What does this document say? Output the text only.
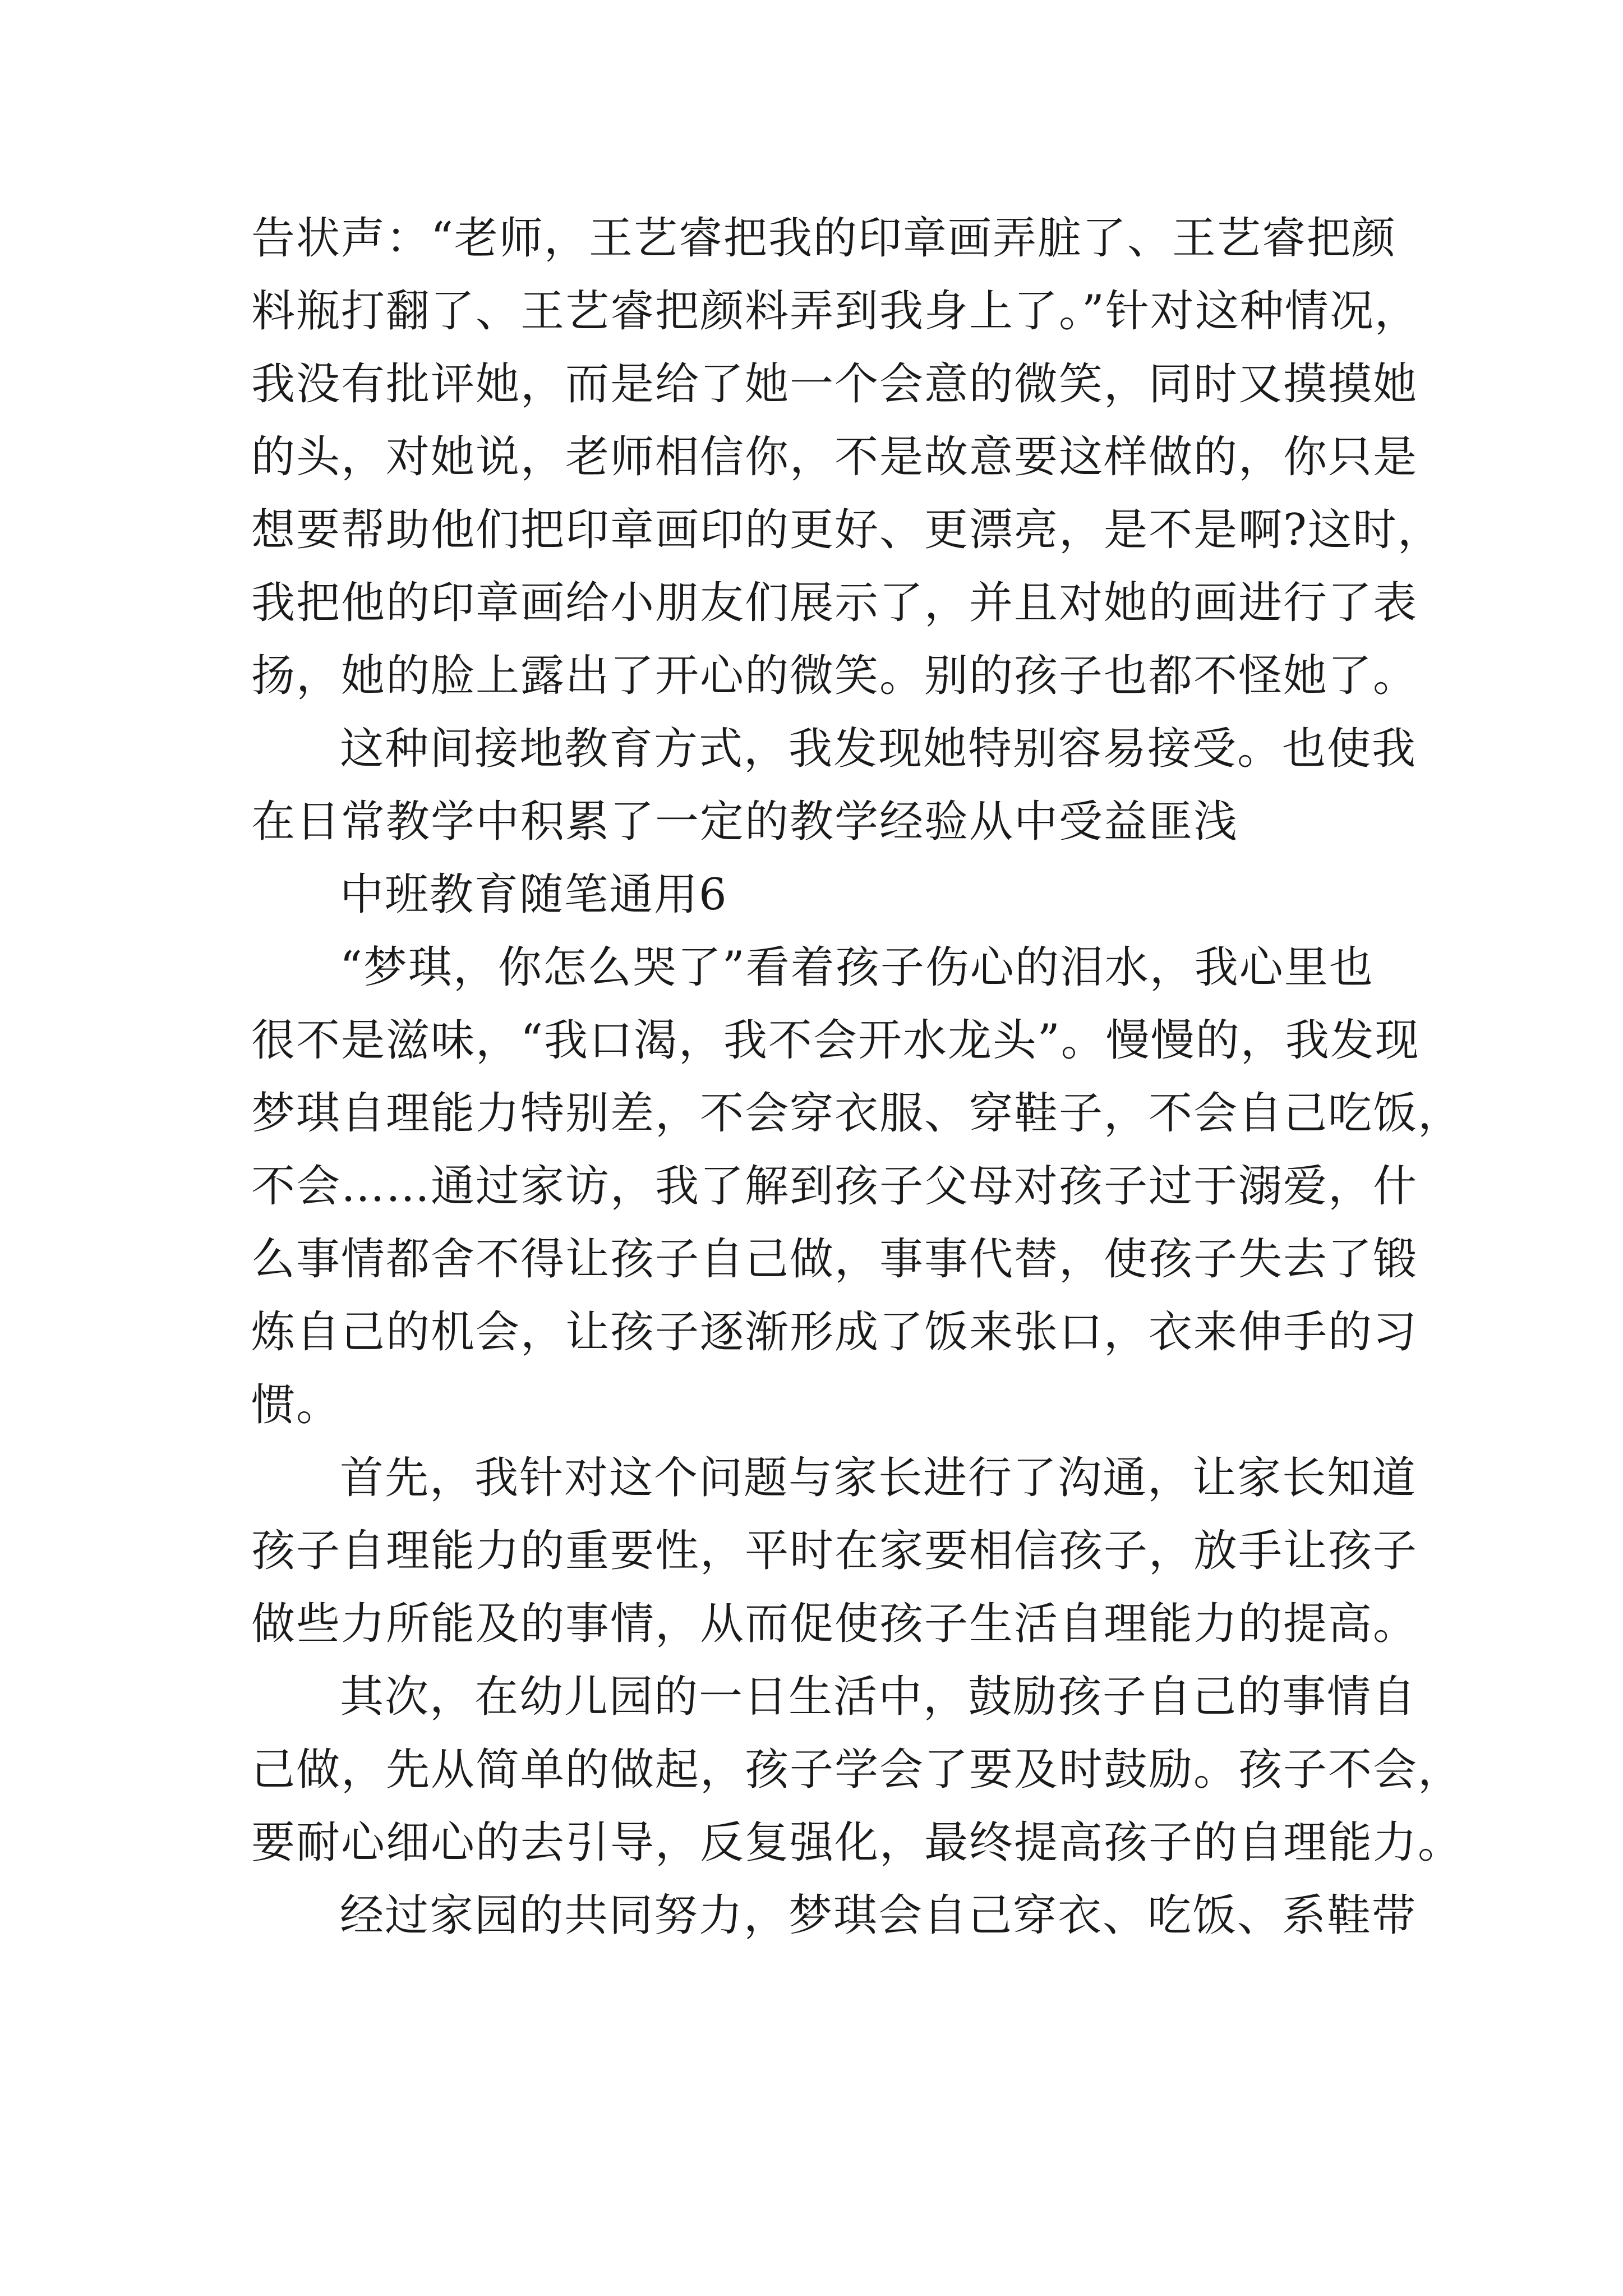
告状声：“老师，王艺睿把我的印章画弄脏了、王艺睿把颜
料瓶打翻了、王艺睿把颜料弄到我身上了。”针对这种情况，
我没有批评她，而是给了她一个会意的微笑，同时又摸摸她
的头，对她说，老师相信你，不是故意要这样做的，你只是
想要帮助他们把印章画印的更好、更漂亮，是不是啊?这时，
我把他的印章画给小朋友们展示了，并且对她的画进行了表
扬，她的脸上露出了开心的微笑。别的孩子也都不怪她了。
这种间接地教育方式，我发现她特别容易接受。也使我
在日常教学中积累了一定的教学经验从中受益匪浅
中班教育随笔通用6
“梦琪，你怎么哭了”看着孩子伤心的泪水，我心里也
很不是滋味，“我口渴，我不会开水龙头”。慢慢的，我发现
梦琪自理能力特别差，不会穿衣服、穿鞋子，不会自己吃饭，
不会……通过家访，我了解到孩子父母对孩子过于溺爱，什
么事情都舍不得让孩子自己做，事事代替，使孩子失去了锻
炼自己的机会，让孩子逐渐形成了饭来张口，衣来伸手的习
惯。
首先，我针对这个问题与家长进行了沟通，让家长知道
孩子自理能力的重要性，平时在家要相信孩子，放手让孩子
做些力所能及的事情，从而促使孩子生活自理能力的提高。
其次，在幼儿园的一日生活中，鼓励孩子自己的事情自
己做，先从简单的做起，孩子学会了要及时鼓励。孩子不会，
要耐心细心的去引导，反复强化，最终提高孩子的自理能力。
经过家园的共同努力，梦琪会自己穿衣、吃饭、系鞋带
